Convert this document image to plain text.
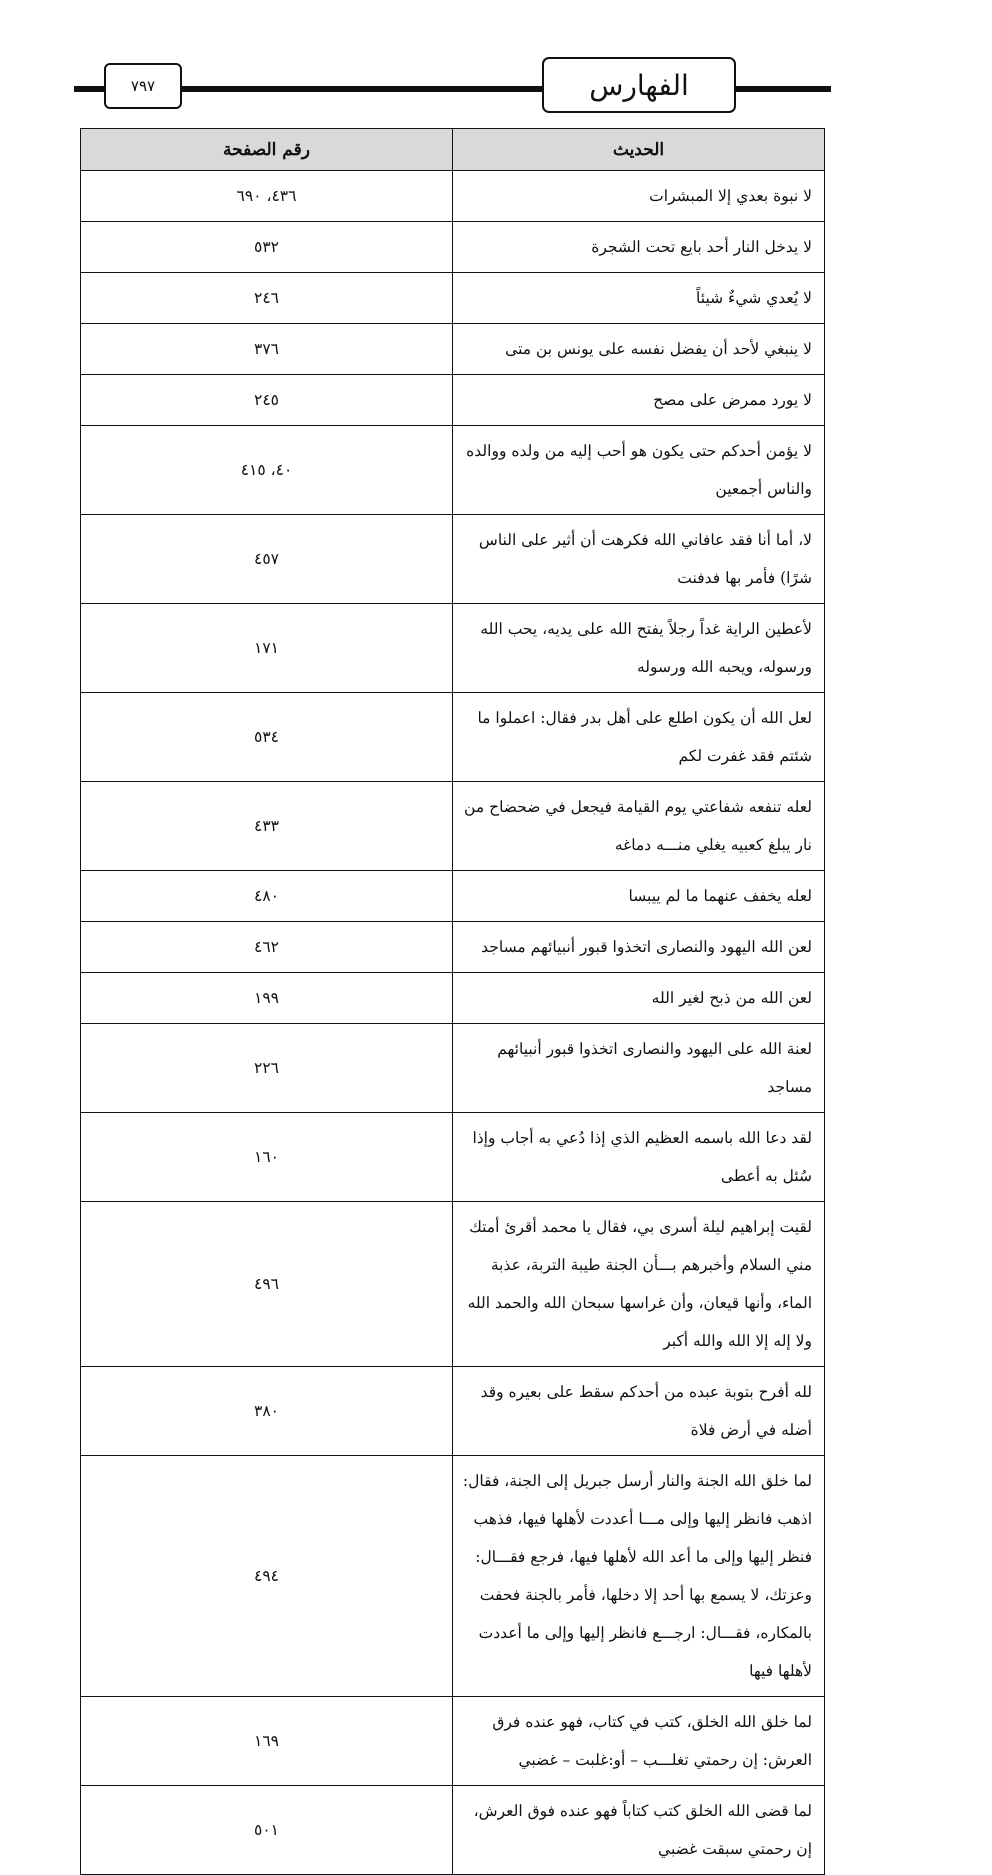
الفهارس
٧٩٧
الحديث	رقم الصفحة
لا نبوة بعدي إلا المبشرات	٤٣٦، ٦٩٠
لا يدخل النار أحد بايع تحت الشجرة	٥٣٢
لا يُعدي شيءٌ شيئاً	٢٤٦
لا ينبغي لأحد أن يفضل نفسه على يونس بن متى	٣٧٦
لا يورد ممرض على مصح	٢٤٥
لا يؤمن أحدكم حتى يكون هو أحب إليه من ولده ووالده والناس أجمعين	٤٠، ٤١٥
لا، أما أنا فقد عافاني الله فكرهت أن أثير على الناس شرًا) فأمر بها فدفنت	٤٥٧
لأعطين الراية غداً رجلاً يفتح الله على يديه، يحب الله ورسوله، ويحبه الله ورسوله	١٧١
لعل الله أن يكون اطلع على أهل بدر فقال: اعملوا ما شئتم فقد غفرت لكم	٥٣٤
لعله تنفعه شفاعتي يوم القيامة فيجعل في ضحضاح من نار يبلغ كعبيه يغلي منـــه دماغه	٤٣٣
لعله يخفف عنهما ما لم ييبسا	٤٨٠
لعن الله اليهود والنصارى اتخذوا قبور أنبيائهم مساجد	٤٦٢
لعن الله من ذبح لغير الله	١٩٩
لعنة الله على اليهود والنصارى اتخذوا قبور أنبيائهم مساجد	٢٢٦
لقد دعا الله باسمه العظيم الذي إذا دُعي به أجاب وإذا سُئل به أعطى	١٦٠
لقيت إبراهيم ليلة أسرى بي، فقال يا محمد أقرئ أمتك مني السلام وأخبرهم بـــأن الجنة طيبة التربة، عذبة الماء، وأنها قيعان، وأن غراسها سبحان الله والحمد الله ولا إله إلا الله والله أكبر	٤٩٦
لله أفرح بتوبة عبده من أحدكم سقط على بعيره وقد أضله في أرض فلاة	٣٨٠
لما خلق الله الجنة والنار أرسل جبريل إلى الجنة، فقال: اذهب فانظر إليها وإلى مـــا أعددت لأهلها فيها، فذهب فنظر إليها وإلى ما أعد الله لأهلها فيها، فرجع فقـــال: وعزتك، لا يسمع بها أحد إلا دخلها، فأمر بالجنة فحفت بالمكاره، فقـــال: ارجـــع فانظر إليها وإلى ما أعددت لأهلها فيها	٤٩٤
لما خلق الله الخلق، كتب في كتاب، فهو عنده فرق العرش: إن رحمتي تغلـــب – أو:غلبت – غضبي	١٦٩
لما قضى الله الخلق كتب كتاباً فهو عنده فوق العرش، إن رحمتي سبقت غضبي	٥٠١
